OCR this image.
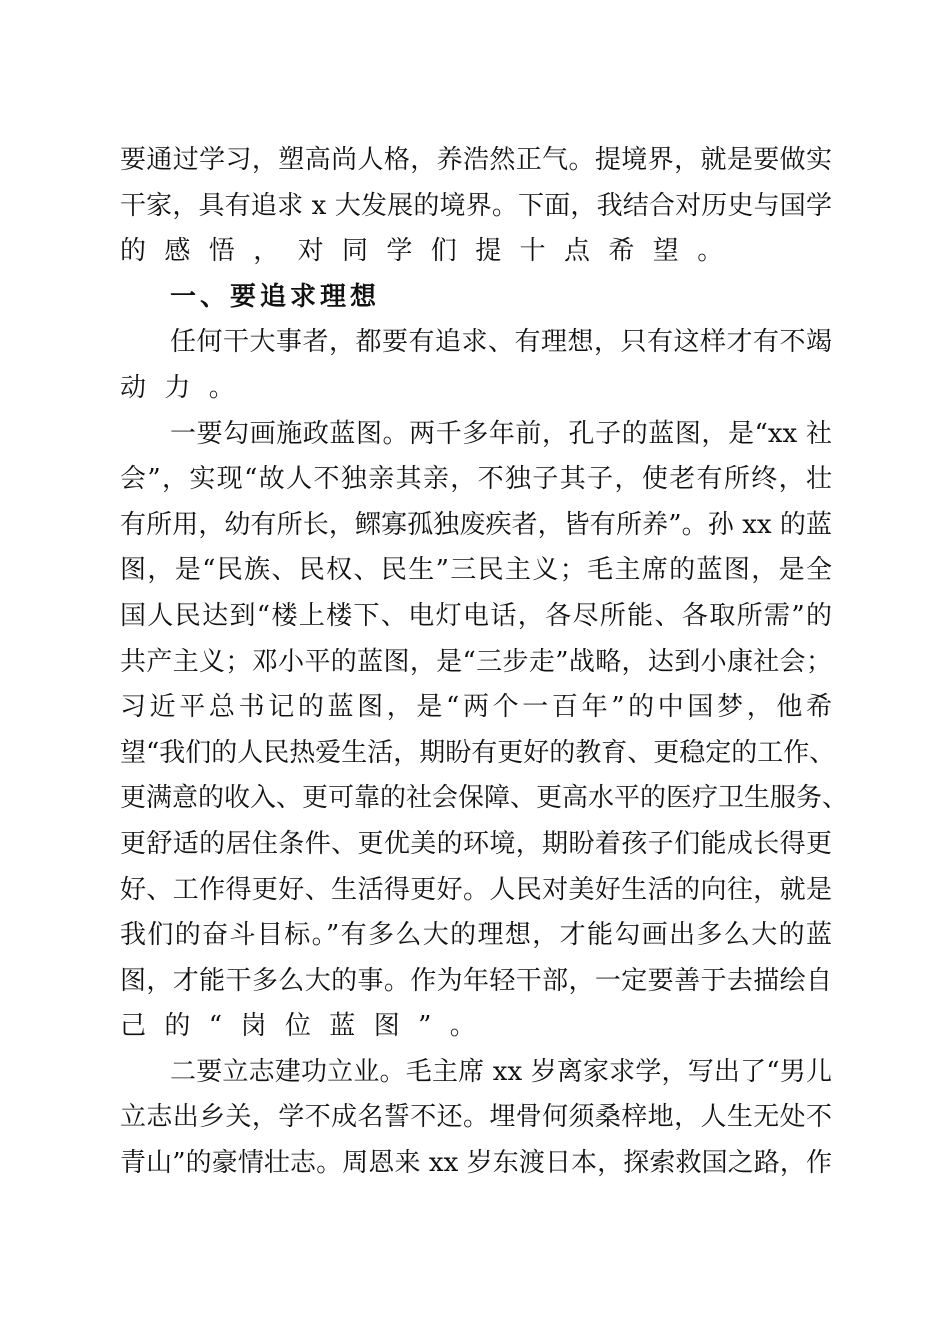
要通过学习，塑高尚人格，养浩然正气。提境界，就是要做实
干家，具有追求 x 大发展的境界。下面，我结合对历史与国学
的感悟，对同学们提十点希望。
一、要追求理想
任何干大事者，都要有追求、有理想，只有这样才有不竭
动力。
一要勾画施政蓝图。两千多年前，孔子的蓝图，是“xx 社
会”，实现“故人不独亲其亲，不独子其子，使老有所终，壮
有所用，幼有所长，鳏寡孤独废疾者，皆有所养”。孙 xx 的蓝
图，是“民族、民权、民生”三民主义；毛主席的蓝图，是全
国人民达到“楼上楼下、电灯电话，各尽所能、各取所需”的
共产主义；邓小平的蓝图，是“三步走”战略，达到小康社会；
习近平总书记的蓝图，是“两个一百年”的中国梦，他希
望“我们的人民热爱生活，期盼有更好的教育、更稳定的工作、
更满意的收入、更可靠的社会保障、更高水平的医疗卫生服务、
更舒适的居住条件、更优美的环境，期盼着孩子们能成长得更
好、工作得更好、生活得更好。人民对美好生活的向往，就是
我们的奋斗目标。”有多么大的理想，才能勾画出多么大的蓝
图，才能干多么大的事。作为年轻干部，一定要善于去描绘自
己的“岗位蓝图”。
二要立志建功立业。毛主席 xx 岁离家求学，写出了“男儿
立志出乡关，学不成名誓不还。埋骨何须桑梓地，人生无处不
青山”的豪情壮志。周恩来 xx 岁东渡日本，探索救国之路，作
